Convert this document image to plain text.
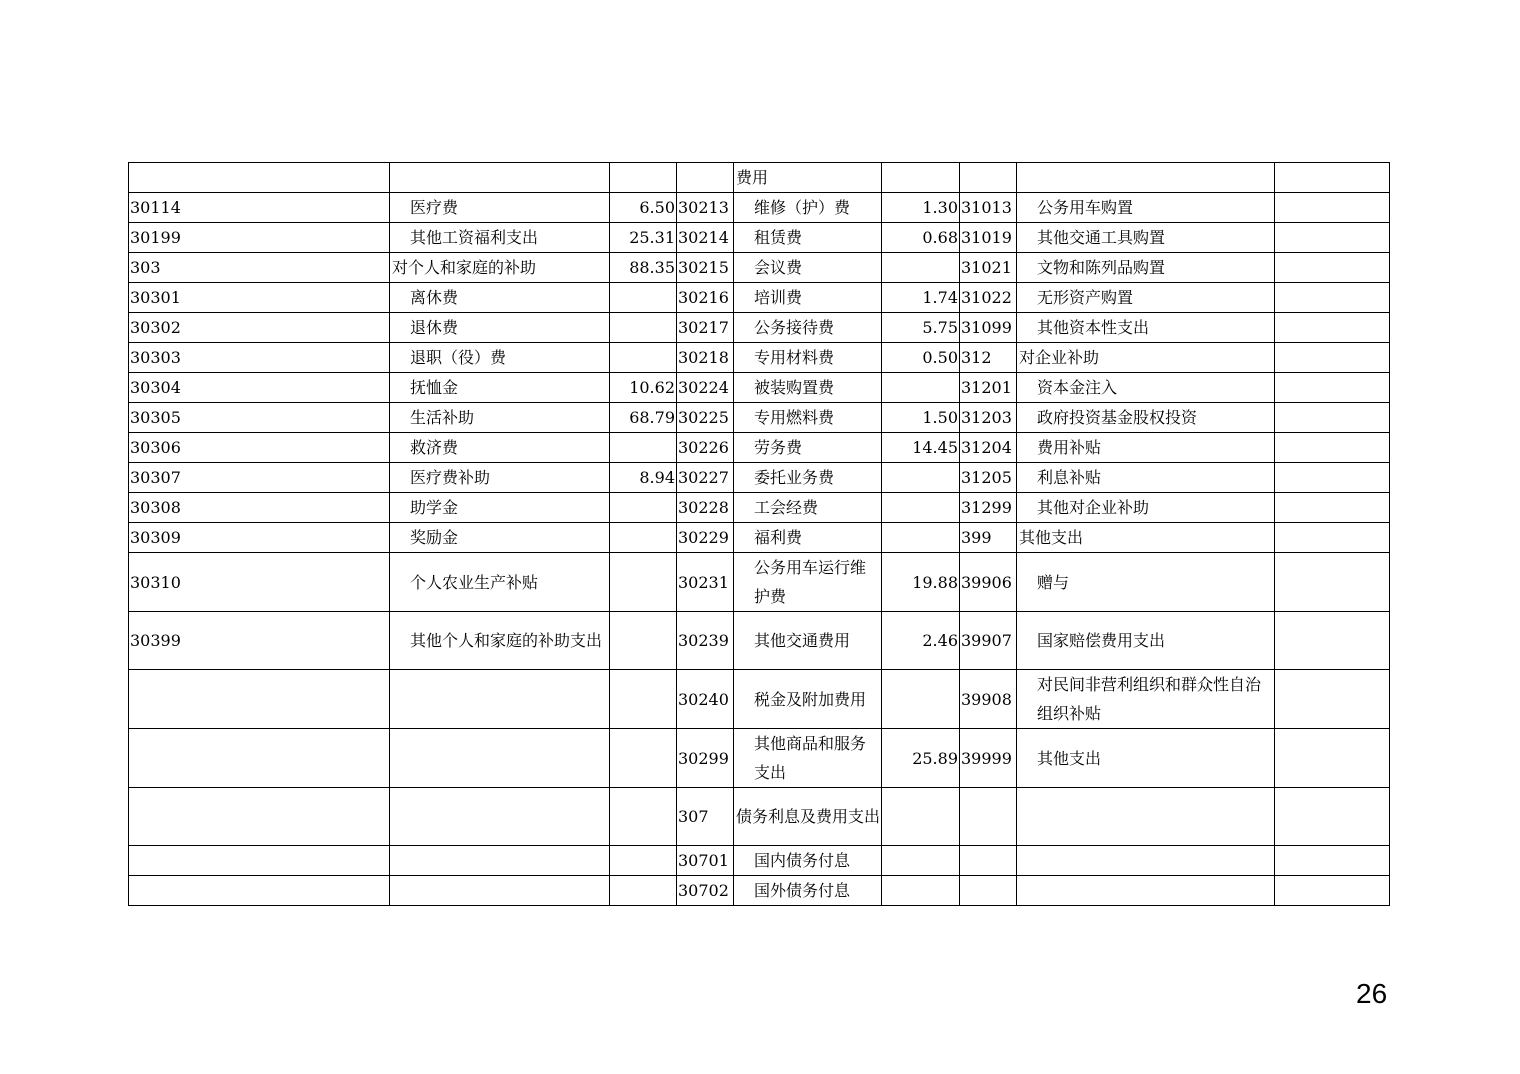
				费用				
30114	医疗费	6.50	30213	维修（护）费	1.30	31013	公务用车购置	
30199	其他工资福利支出	25.31	30214	租赁费	0.68	31019	其他交通工具购置	
303	对个人和家庭的补助	88.35	30215	会议费		31021	文物和陈列品购置	
30301	离休费		30216	培训费	1.74	31022	无形资产购置	
30302	退休费		30217	公务接待费	5.75	31099	其他资本性支出	
30303	退职（役）费		30218	专用材料费	0.50	312	对企业补助	
30304	抚恤金	10.62	30224	被装购置费		31201	资本金注入	
30305	生活补助	68.79	30225	专用燃料费	1.50	31203	政府投资基金股权投资	
30306	救济费		30226	劳务费	14.45	31204	费用补贴	
30307	医疗费补助	8.94	30227	委托业务费		31205	利息补贴	
30308	助学金		30228	工会经费		31299	其他对企业补助	
30309	奖励金		30229	福利费		399	其他支出	
30310	个人农业生产补贴		30231	公务用车运行维护费	19.88	39906	赠与	
30399	其他个人和家庭的补助支出		30239	其他交通费用	2.46	39907	国家赔偿费用支出	
			30240	税金及附加费用		39908	对民间非营利组织和群众性自治组织补贴	
			30299	其他商品和服务支出	25.89	39999	其他支出	
			307	债务利息及费用支出				
			30701	国内债务付息				
			30702	国外债务付息				
26
